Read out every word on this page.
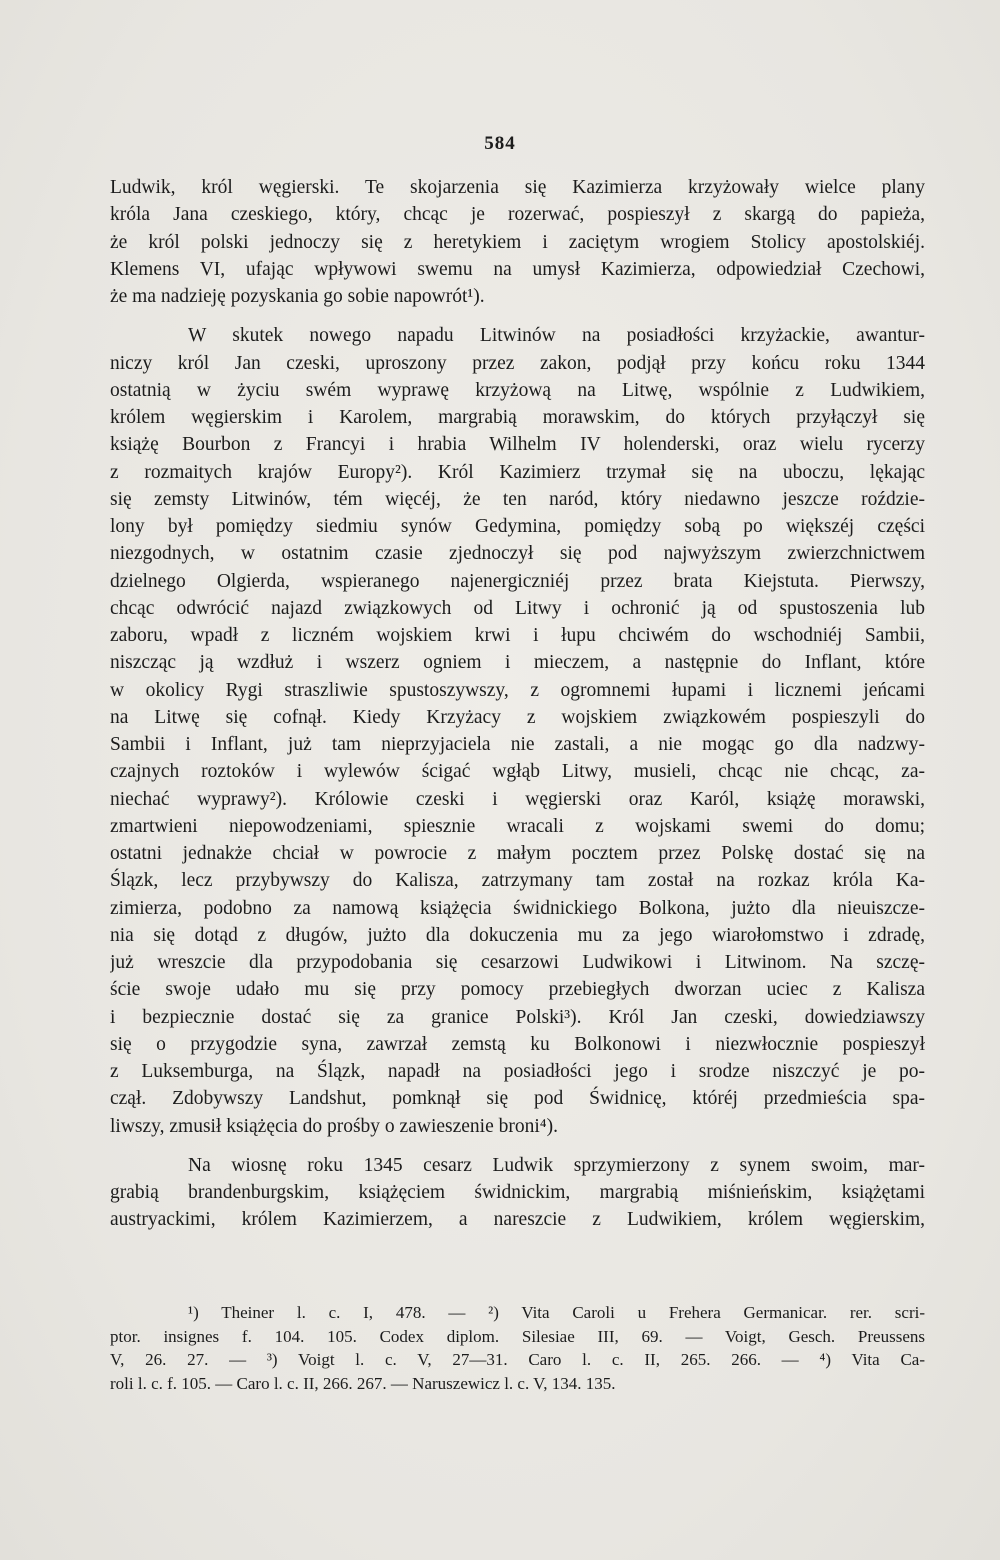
584
Ludwik, król węgierski. Te skojarzenia się Kazimierza krzyżowały wielce plany
króla Jana czeskiego, który, chcąc je rozerwać, pospieszył z skargą do papieża,
że król polski jednoczy się z heretykiem i zaciętym wrogiem Stolicy apostolskiéj.
Klemens VI, ufając wpływowi swemu na umysł Kazimierza, odpowiedział Czechowi,
że ma nadzieję pozyskania go sobie napowrót¹).
W skutek nowego napadu Litwinów na posiadłości krzyżackie, awantur-
niczy król Jan czeski, uproszony przez zakon, podjął przy końcu roku 1344
ostatnią w życiu swém wyprawę krzyżową na Litwę, wspólnie z Ludwikiem,
królem węgierskim i Karolem, margrabią morawskim, do których przyłączył się
książę Bourbon z Francyi i hrabia Wilhelm IV holenderski, oraz wielu rycerzy
z rozmaitych krajów Europy²). Król Kazimierz trzymał się na uboczu, lękając
się zemsty Litwinów, tém więcéj, że ten naród, który niedawno jeszcze roździe-
lony był pomiędzy siedmiu synów Gedymina, pomiędzy sobą po większéj części
niezgodnych, w ostatnim czasie zjednoczył się pod najwyższym zwierzchnictwem
dzielnego Olgierda, wspieranego najenergiczniéj przez brata Kiejstuta. Pierwszy,
chcąc odwrócić najazd związkowych od Litwy i ochronić ją od spustoszenia lub
zaboru, wpadł z liczném wojskiem krwi i łupu chciwém do wschodniéj Sambii,
niszcząc ją wzdłuż i wszerz ogniem i mieczem, a następnie do Inflant, które
w okolicy Rygi straszliwie spustoszywszy, z ogromnemi łupami i licznemi jeńcami
na Litwę się cofnął. Kiedy Krzyżacy z wojskiem związkowém pospieszyli do
Sambii i Inflant, już tam nieprzyjaciela nie zastali, a nie mogąc go dla nadzwy-
czajnych roztoków i wylewów ścigać wgłąb Litwy, musieli, chcąc nie chcąc, za-
niechać wyprawy²). Królowie czeski i węgierski oraz Karól, książę morawski,
zmartwieni niepowodzeniami, spiesznie wracali z wojskami swemi do domu;
ostatni jednakże chciał w powrocie z małym pocztem przez Polskę dostać się na
Ślązk, lecz przybywszy do Kalisza, zatrzymany tam został na rozkaz króla Ka-
zimierza, podobno za namową książęcia świdnickiego Bolkona, jużto dla nieuiszcze-
nia się dotąd z długów, jużto dla dokuczenia mu za jego wiarołomstwo i zdradę,
już wreszcie dla przypodobania się cesarzowi Ludwikowi i Litwinom. Na szczę-
ście swoje udało mu się przy pomocy przebiegłych dworzan uciec z Kalisza
i bezpiecznie dostać się za granice Polski³). Król Jan czeski, dowiedziawszy
się o przygodzie syna, zawrzał zemstą ku Bolkonowi i niezwłocznie pospieszył
z Luksemburga, na Ślązk, napadł na posiadłości jego i srodze niszczyć je po-
czął. Zdobywszy Landshut, pomknął się pod Świdnicę, któréj przedmieścia spa-
liwszy, zmusił książęcia do prośby o zawieszenie broni⁴).
Na wiosnę roku 1345 cesarz Ludwik sprzymierzony z synem swoim, mar-
grabią brandenburgskim, książęciem świdnickim, margrabią miśnieńskim, książętami
austryackimi, królem Kazimierzem, a nareszcie z Ludwikiem, królem węgierskim,
¹) Theiner l. c. I, 478. — ²) Vita Caroli u Frehera Germanicar. rer. scri-
ptor. insignes f. 104. 105. Codex diplom. Silesiae III, 69. — Voigt, Gesch. Preussens
V, 26. 27. — ³) Voigt l. c. V, 27—31. Caro l. c. II, 265. 266. — ⁴) Vita Ca-
roli l. c. f. 105. — Caro l. c. II, 266. 267. — Naruszewicz l. c. V, 134. 135.
